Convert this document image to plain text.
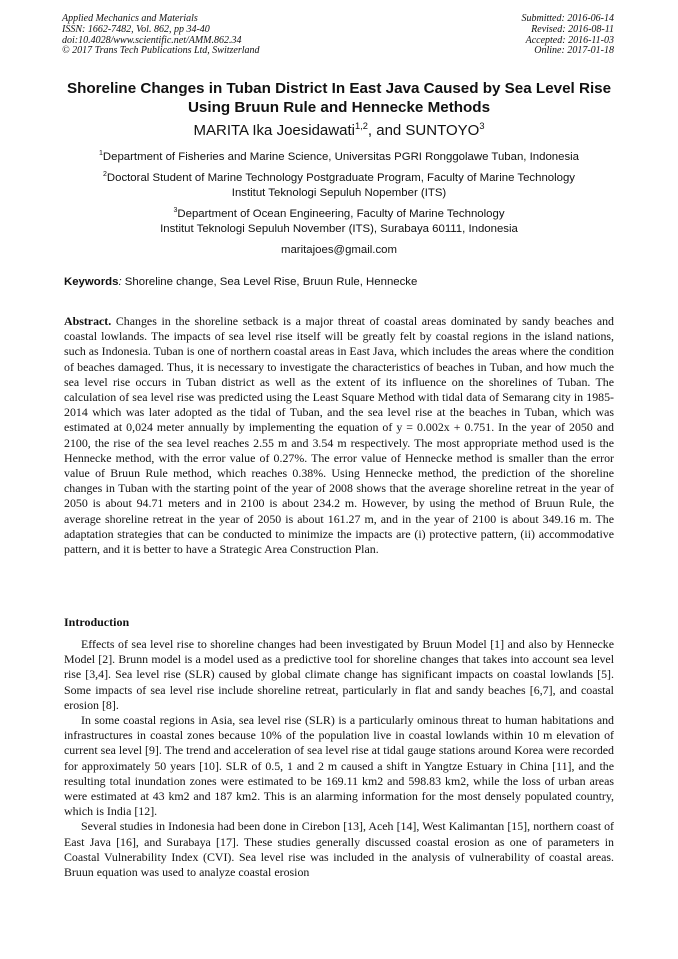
Applied Mechanics and Materials
ISSN: 1662-7482, Vol. 862, pp 34-40
doi:10.4028/www.scientific.net/AMM.862.34
© 2017 Trans Tech Publications Ltd, Switzerland
Submitted: 2016-06-14
Revised: 2016-08-11
Accepted: 2016-11-03
Online: 2017-01-18
Shoreline Changes in Tuban District In East Java Caused by Sea Level Rise Using Bruun Rule and Hennecke Methods
MARITA Ika Joesidawati$^{1,2}$, and SUNTOYO$^3$
$^1$Department of Fisheries and Marine Science, Universitas PGRI Ronggolawe Tuban, Indonesia
$^2$Doctoral Student of Marine Technology Postgraduate Program, Faculty of Marine Technology
Institut Teknologi Sepuluh Nopember (ITS)
$^3$Department of Ocean Engineering, Faculty of Marine Technology
Institut Teknologi Sepuluh November (ITS), Surabaya 60111, Indonesia
maritajoes@gmail.com
Keywords: Shoreline change, Sea Level Rise, Bruun Rule, Hennecke

Abstract. Changes in the shoreline setback is a major threat of coastal areas dominated by sandy beaches and coastal lowlands. The impacts of sea level rise itself will be greatly felt by coastal regions in the island nations, such as Indonesia. Tuban is one of northern coastal areas in East Java, which includes the areas where the condition of beaches damaged. Thus, it is necessary to investigate the characteristics of beaches in Tuban, and how much the sea level rise occurs in Tuban district as well as the extent of its influence on the shorelines of Tuban. The calculation of sea level rise was predicted using the Least Square Method with tidal data of Semarang city in 1985-2014 which was later adopted as the tidal of Tuban, and the sea level rise at the beaches in Tuban, which was estimated at 0,024 meter annually by implementing the equation of y = 0.002x + 0.751. In the year of 2050 and 2100, the rise of the sea level reaches 2.55 m and 3.54 m respectively. The most appropriate method used is the Hennecke method, with the error value of 0.27%. The error value of Hennecke method is smaller than the error value of Bruun Rule method, which reaches 0.38%. Using Hennecke method, the prediction of the shoreline changes in Tuban with the starting point of the year of 2008 shows that the average shoreline retreat in the year of 2050 is about 94.71 meters and in 2100 is about 234.2 m. However, by using the method of Bruun Rule, the average shoreline retreat in the year of 2050 is about 161.27 m, and in the year of 2100 is about 349.16 m. The adaptation strategies that can be conducted to minimize the impacts are (i) protective pattern, (ii) accommodative pattern, and it is better to have a Strategic Area Construction Plan.

Introduction

Effects of sea level rise to shoreline changes had been investigated by Bruun Model [1] and also by Hennecke Model [2]. Brunn model is a model used as a predictive tool for shoreline changes that takes into account sea level rise [3,4]. Sea level rise (SLR) caused by global climate change has significant impacts on coastal lowlands [5]. Some impacts of sea level rise include shoreline retreat, particularly in flat and sandy beaches [6,7], and coastal erosion [8].

In some coastal regions in Asia, sea level rise (SLR) is a particularly ominous threat to human habitations and infrastructures in coastal zones because 10% of the population live in coastal lowlands within 10 m elevation of current sea level [9]. The trend and acceleration of sea level rise at tidal gauge stations around Korea were recorded for approximately 50 years [10]. SLR of 0.5, 1 and 2 m caused a shift in Yangtze Estuary in China [11], and the resulting total inundation zones were estimated to be 169.11 km2 and 598.83 km2, while the loss of urban areas were estimated at 43 km2 and 187 km2. This is an alarming information for the most densely populated country, which is India [12].

Several studies in Indonesia had been done in Cirebon [13], Aceh [14], West Kalimantan [15], northern coast of East Java [16], and Surabaya [17]. These studies generally discussed coastal erosion as one of parameters in Coastal Vulnerability Index (CVI). Sea level rise was included in the analysis of vulnerability of coastal areas. Bruun equation was used to analyze coastal erosion
